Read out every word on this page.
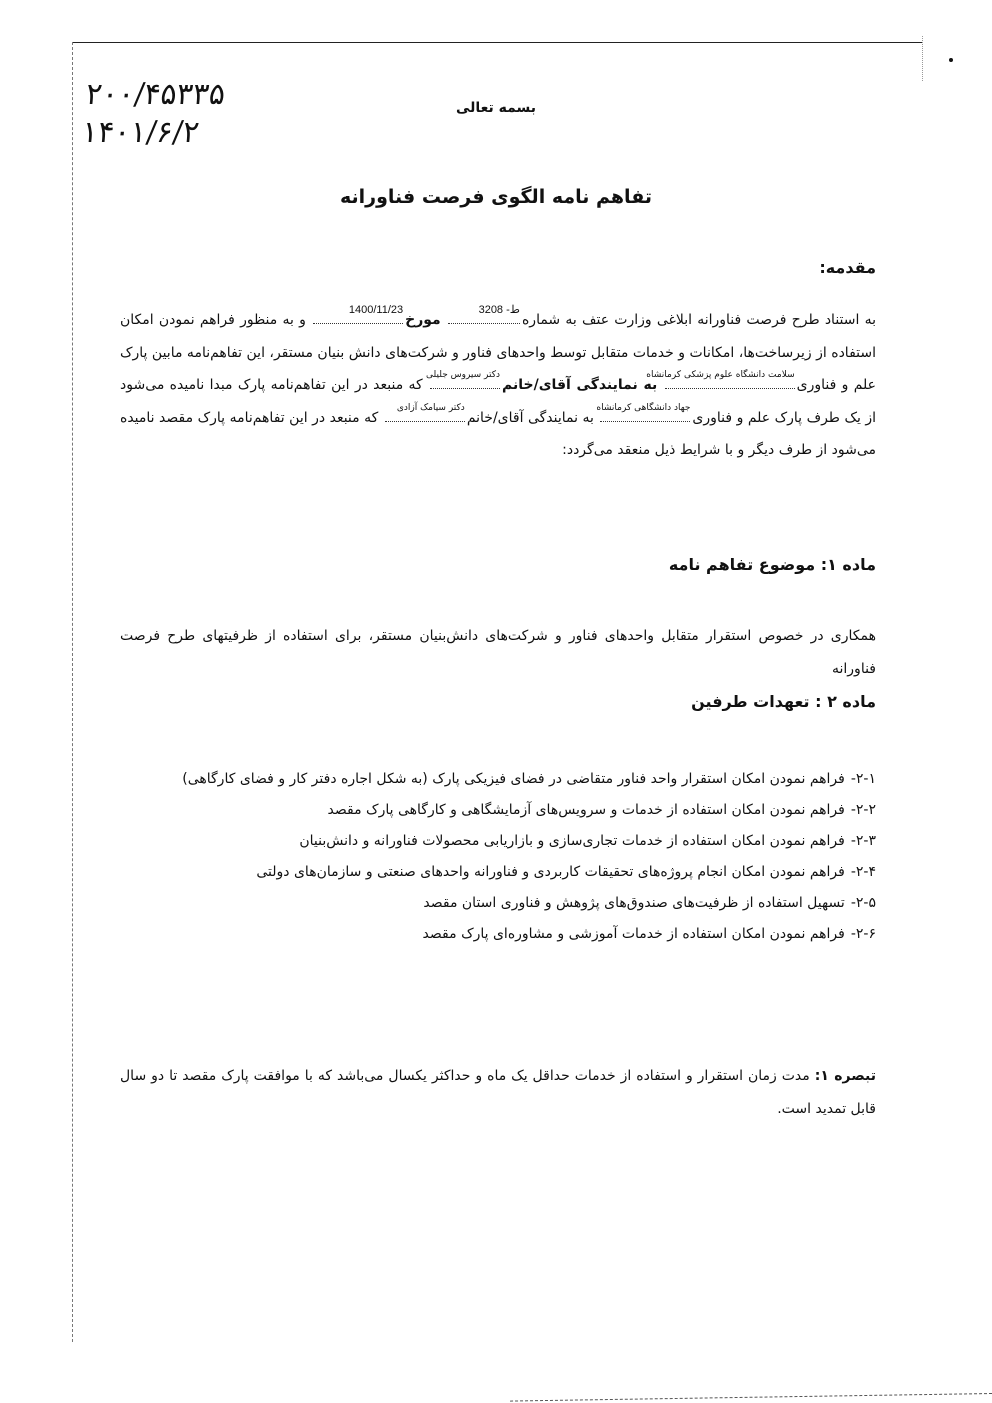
۲۰۰/۴۵۳۳۵
۱۴۰۱/۶/۲
بسمه تعالی
تفاهم نامه الگوی فرصت فناورانه
مقدمه:
به استناد طرح فرصت فناورانه ابلاغی وزارت عتف به شماره
ط- 3208
مورخ
1400/11/23
و به منظور فراهم نمودن امکان استفاده از زیرساخت‌ها، امکانات و خدمات متقابل توسط واحدهای فناور و شرکت‌های دانش بنیان مستقر، این تفاهم‌نامه مابین پارک علم و فناوری
سلامت دانشگاه علوم پزشکی کرمانشاه
به نمایندگی آقای/خانم
دکتر سیروس جلیلی
که منبعد در این تفاهم‌نامه پارک مبدا نامیده می‌شود از یک طرف پارک علم و فناوری
جهاد دانشگاهی کرمانشاه
به نمایندگی آقای/خانم
دکتر سیامک آزادی
که منبعد در این تفاهم‌نامه پارک مقصد نامیده می‌شود از طرف دیگر و با شرایط ذیل منعقد می‌گردد:
ماده ۱: موضوع تفاهم نامه
همکاری در خصوص استقرار متقابل واحدهای فناور و شرکت‌های دانش‌بنیان مستقر، برای استفاده از ظرفیتهای طرح فرصت فناورانه
ماده ۲ : تعهدات طرفین

۲-۱-فراهم نمودن امکان استقرار واحد فناور متقاضی در فضای فیزیکی پارک (به شکل اجاره دفتر کار و فضای کارگاهی)

۲-۲-فراهم نمودن امکان استفاده از خدمات و سرویس‌های آزمایشگاهی و کارگاهی پارک مقصد

۲-۳-فراهم نمودن امکان استفاده از خدمات تجاری‌سازی و بازاریابی محصولات فناورانه و دانش‌بنیان

۲-۴-فراهم نمودن امکان انجام پروژه‌های تحقیقات کاربردی و فناورانه واحدهای صنعتی و سازمان‌های دولتی

۲-۵-تسهیل استفاده از ظرفیت‌های صندوق‌های پژوهش و فناوری استان مقصد

۲-۶-فراهم نمودن امکان استفاده از خدمات آموزشی و مشاوره‌ای پارک مقصد

تبصره ۱: مدت زمان استقرار و استفاده از خدمات حداقل یک ماه و حداکثر یکسال می‌باشد که با موافقت پارک مقصد تا دو سال قابل تمدید است.
